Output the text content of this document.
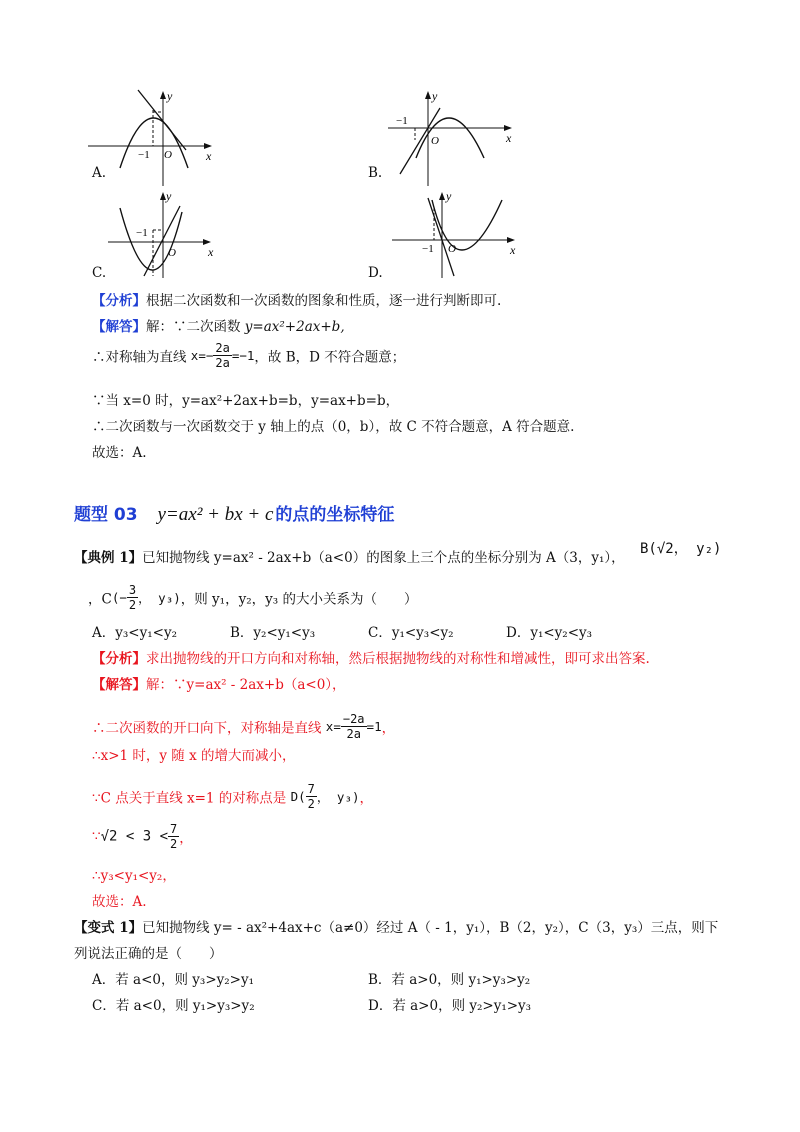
y
x
−1 O
A.
y
x
−1
O
B.
y
x
−1
O
C.
y
x
−1 O
D.
【分析】根据二次函数和一次函数的图象和性质，逐一进行判断即可.
【解答】解：∵二次函数 y=ax²+2ax+b,
∴对称轴为直线 $x=- \frac{2a}{2a} =-1$，故 B，D 不符合题意；
∵当 x=0 时，y=ax²+2ax+b=b，y=ax+b=b，
∴二次函数与一次函数交于 y 轴上的点（0，b），故 C 不符合题意，A 符合题意.
故选：A.
题型 03 y=ax² + bx + c 的点的坐标特征
【典例 1】已知抛物线 y=ax² - 2ax+b（a<0）的图象上三个点的坐标分别为 A（3，y₁），
B(√2， y₂)
，$C(- \frac{3}{2}$ ， y₃)，则 y₁，y₂，y₃ 的大小关系为（　　）
A．y₃<y₁<y₂	B．y₂<y₁<y₃	C．y₁<y₃<y₂	D．y₁<y₂<y₃
【分析】求出抛物线的开口方向和对称轴，然后根据抛物线的对称性和增减性，即可求出答案.
【解答】解：∵y=ax² - 2ax+b（a<0），
∴二次函数的开口向下，对称轴是直线 $x= \frac{-2a}{2a} =1$，
∴x>1 时，y 随 x 的增大而减小，
∵C 点关于直线 x=1 的对称点是 $D( \frac{7}{2}$ ， y₃)，
∵√2 < $3 < \frac{7}{2}$ ，
∴y₃<y₁<y₂，
故选：A.
【变式 1】已知抛物线 y= - ax²+4ax+c（a≠0）经过 A（ - 1，y₁），B（2，y₂），C（3，y₃）三点，则下
列说法正确的是（　　）
A．若 a<0，则 y₃>y₂>y₁	B．若 a>0，则 y₁>y₃>y₂
C．若 a<0，则 y₁>y₃>y₂	D．若 a>0，则 y₂>y₁>y₃
